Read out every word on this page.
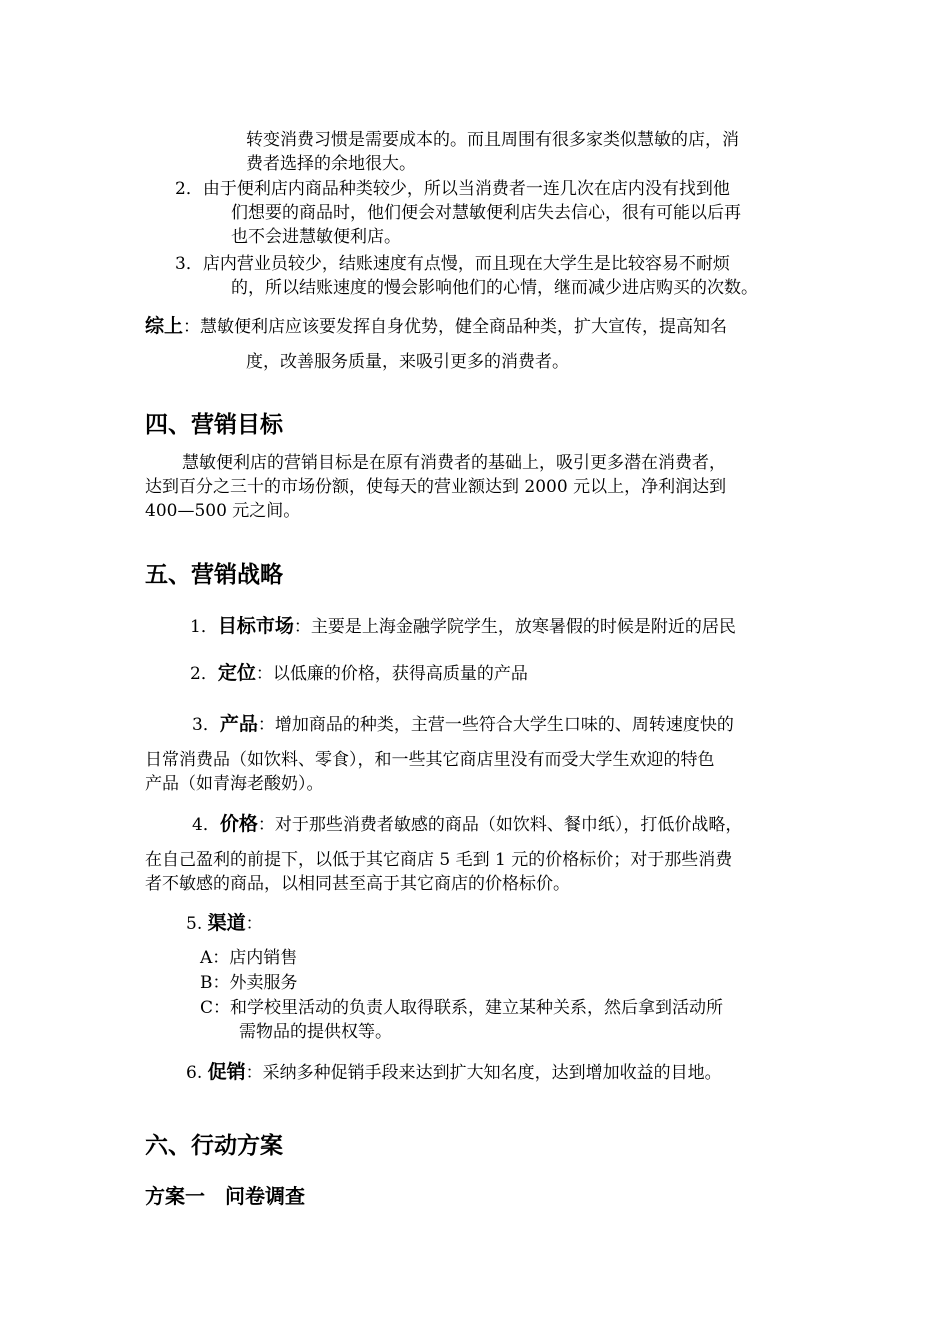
转变消费习惯是需要成本的。而且周围有很多家类似慧敏的店，消
费者选择的余地很大。
2．由于便利店内商品种类较少，所以当消费者一连几次在店内没有找到他
们想要的商品时，他们便会对慧敏便利店失去信心，很有可能以后再
也不会进慧敏便利店。
3．店内营业员较少，结账速度有点慢，而且现在大学生是比较容易不耐烦
的，所以结账速度的慢会影响他们的心情，继而减少进店购买的次数。
综上：慧敏便利店应该要发挥自身优势，健全商品种类，扩大宣传，提高知名
度，改善服务质量，来吸引更多的消费者。
四、营销目标
慧敏便利店的营销目标是在原有消费者的基础上，吸引更多潜在消费者，
达到百分之三十的市场份额，使每天的营业额达到 2000 元以上，净利润达到
400—500 元之间。
五、营销战略
1．目标市场：主要是上海金融学院学生，放寒暑假的时候是附近的居民
2．定位：以低廉的价格，获得高质量的产品
3．产品：增加商品的种类，主营一些符合大学生口味的、周转速度快的
日常消费品（如饮料、零食），和一些其它商店里没有而受大学生欢迎的特色
产品（如青海老酸奶）。
4．价格：对于那些消费者敏感的商品（如饮料、餐巾纸），打低价战略，
在自己盈利的前提下，以低于其它商店 5 毛到 1 元的价格标价；对于那些消费
者不敏感的商品，以相同甚至高于其它商店的价格标价。
5. 渠道：
A：店内销售
B：外卖服务
C：和学校里活动的负责人取得联系，建立某种关系，然后拿到活动所
需物品的提供权等。
6. 促销：采纳多种促销手段来达到扩大知名度，达到增加收益的目地。
六、行动方案
方案一　问卷调查
